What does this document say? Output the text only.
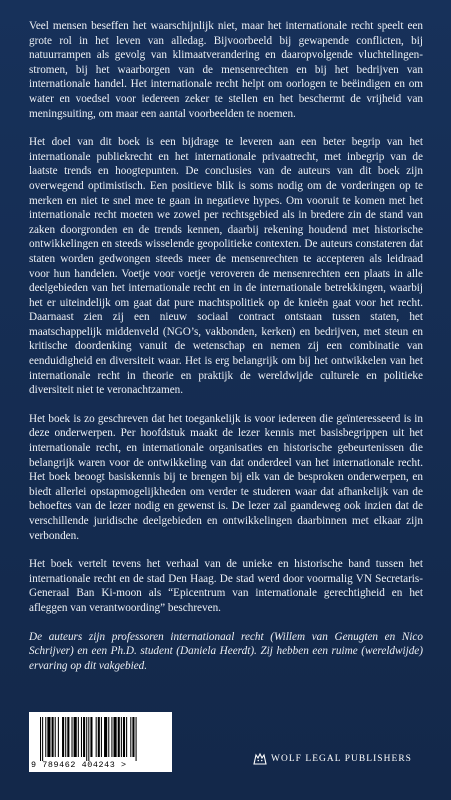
Veel mensen beseffen het waarschijnlijk niet, maar het internationale recht speelt een grote rol in het leven van alledag. Bijvoorbeeld bij gewapende conflicten, bij natuurrampen als gevolg van klimaatverandering en daaropvolgende vluchtelingen-stromen, bij het waarborgen van de mensenrechten en bij het bedrijven van internationale handel. Het internationale recht helpt om oorlogen te beëindigen en om water en voedsel voor iedereen zeker te stellen en het beschermt de vrijheid van meningsuiting, om maar een aantal voorbeelden te noemen.

Het doel van dit boek is een bijdrage te leveren aan een beter begrip van het internationale publiekrecht en het internationale privaatrecht, met inbegrip van de laatste trends en hoogtepunten. De conclusies van de auteurs van dit boek zijn overwegend optimistisch. Een positieve blik is soms nodig om de vorderingen op te merken en niet te snel mee te gaan in negatieve hypes. Om vooruit te komen met het internationale recht moeten we zowel per rechtsgebied als in bredere zin de stand van zaken doorgronden en de trends kennen, daarbij rekening houdend met historische ontwikkelingen en steeds wisselende geopolitieke contexten. De auteurs constateren dat staten worden gedwongen steeds meer de mensenrechten te accepteren als leidraad voor hun handelen. Voetje voor voetje veroveren de mensenrechten een plaats in alle deelgebieden van het internationale recht en in de internationale betrekkingen, waarbij het er uiteindelijk om gaat dat pure machtspolitiek op de knieën gaat voor het recht. Daarnaast zien zij een nieuw sociaal contract ontstaan tussen staten, het maatschappelijk middenveld (NGO’s, vakbonden, kerken) en bedrijven, met steun en kritische doordenking vanuit de wetenschap en nemen zij een combinatie van eenduidigheid en diversiteit waar. Het is erg belangrijk om bij het ontwikkelen van het internationale recht in theorie en praktijk de wereldwijde culturele en politieke diversiteit niet te veronachtzamen.

Het boek is zo geschreven dat het toegankelijk is voor iedereen die geïnteresseerd is in deze onderwerpen. Per hoofdstuk maakt de lezer kennis met basisbegrippen uit het internationale recht, en internationale organisaties en historische gebeurtenissen die belangrijk waren voor de ontwikkeling van dat onderdeel van het internationale recht. Het boek beoogt basiskennis bij te brengen bij elk van de besproken onderwerpen, en biedt allerlei opstapmogelijkheden om verder te studeren waar dat afhankelijk van de behoeftes van de lezer nodig en gewenst is. De lezer zal gaandeweg ook inzien dat de verschillende juridische deelgebieden en ontwikkelingen daarbinnen met elkaar zijn verbonden.

Het boek vertelt tevens het verhaal van de unieke en historische band tussen het internationale recht en de stad Den Haag. De stad werd door voormalig VN Secretaris-Generaal Ban Ki-moon als “Epicentrum van internationale gerechtigheid en het afleggen van verantwoording” beschreven.

De auteurs zijn professoren internationaal recht (Willem van Genugten en Nico Schrijver) en een Ph.D. student (Daniela Heerdt). Zij hebben een ruime (wereldwijde) ervaring op dit vakgebied.

9 789462 404243 >
WOLF LEGAL PUBLISHERS
